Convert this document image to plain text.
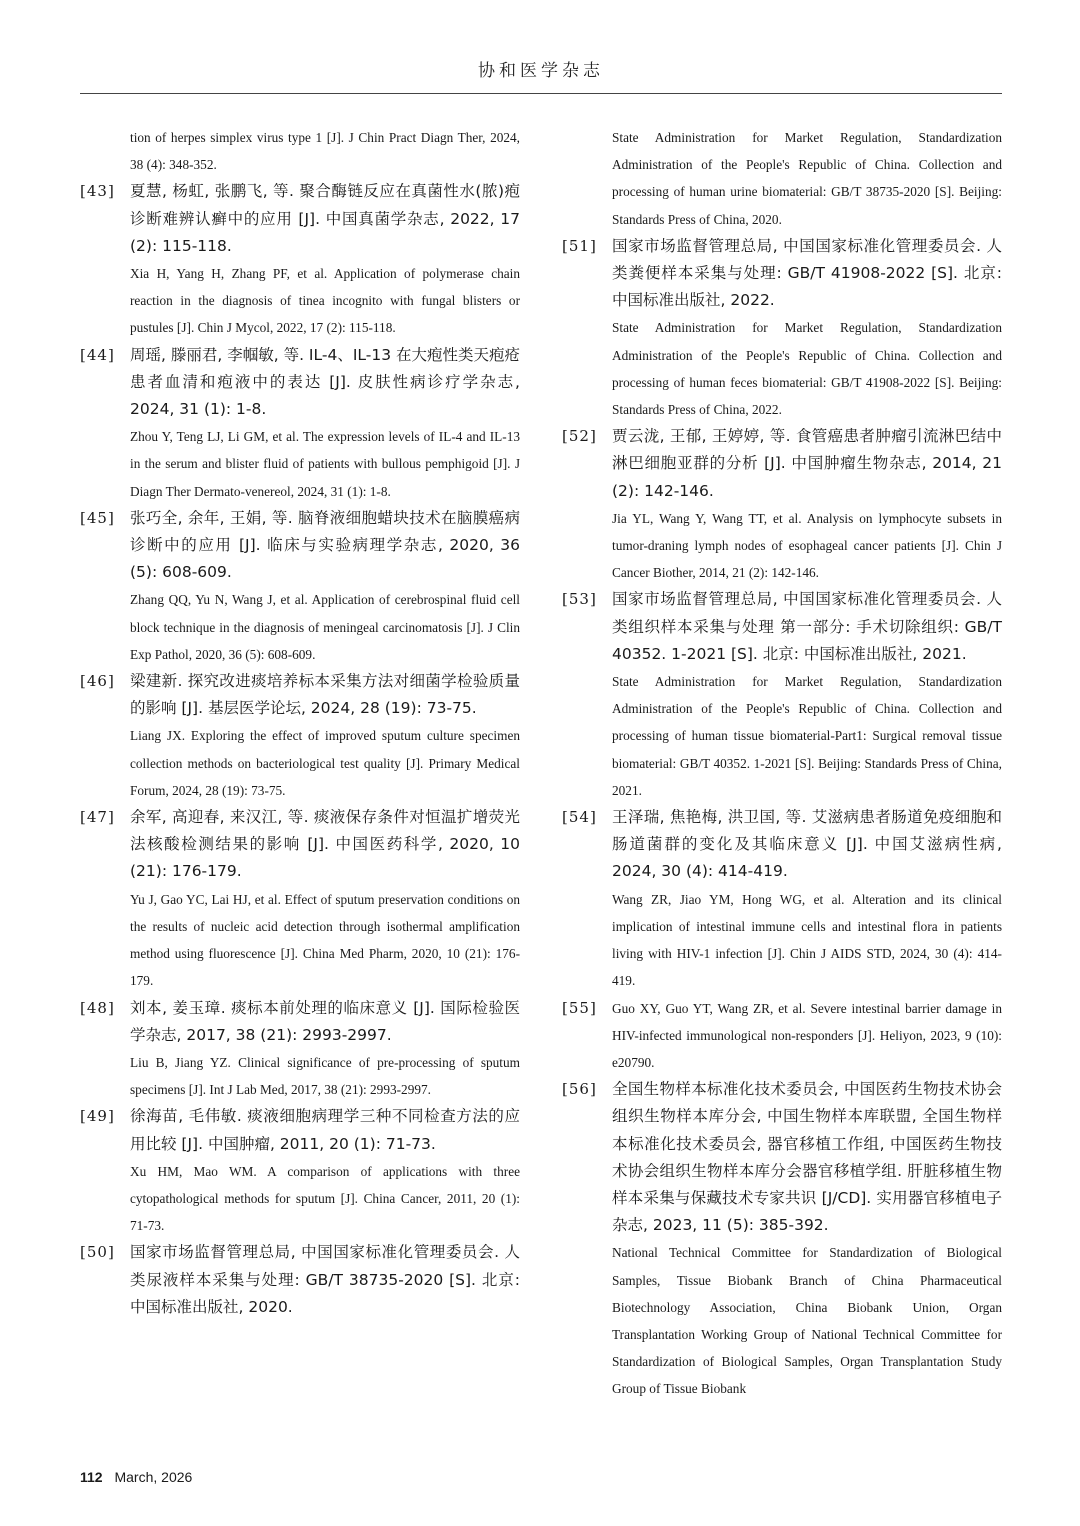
协和医学杂志

tion of herpes simplex virus type 1 [J]. J Chin Pract Diagn Ther, 2024, 38 (4): 348-352.

[43] 夏慧, 杨虹, 张鹏飞, 等. 聚合酶链反应在真菌性水(脓)疱诊断难辨认癣中的应用 [J]. 中国真菌学杂志, 2022, 17 (2): 115-118.

Xia H, Yang H, Zhang PF, et al. Application of polymerase chain reaction in the diagnosis of tinea incognito with fungal blisters or pustules [J]. Chin J Mycol, 2022, 17 (2): 115-118.

[44] 周瑶, 滕丽君, 李帼敏, 等. IL-4、IL-13 在大疱性类天疱疮患者血清和疱液中的表达 [J]. 皮肤性病诊疗学杂志, 2024, 31 (1): 1-8.

Zhou Y, Teng LJ, Li GM, et al. The expression levels of IL-4 and IL-13 in the serum and blister fluid of patients with bullous pemphigoid [J]. J Diagn Ther Dermato-venereol, 2024, 31 (1): 1-8.

[45] 张巧全, 余年, 王娟, 等. 脑脊液细胞蜡块技术在脑膜癌病诊断中的应用 [J]. 临床与实验病理学杂志, 2020, 36 (5): 608-609.

Zhang QQ, Yu N, Wang J, et al. Application of cerebrospinal fluid cell block technique in the diagnosis of meningeal carcinomatosis [J]. J Clin Exp Pathol, 2020, 36 (5): 608-609.

[46] 梁建新. 探究改进痰培养标本采集方法对细菌学检验质量的影响 [J]. 基层医学论坛, 2024, 28 (19): 73-75.

Liang JX. Exploring the effect of improved sputum culture specimen collection methods on bacteriological test quality [J]. Primary Medical Forum, 2024, 28 (19): 73-75.

[47] 余军, 高迎春, 来汉江, 等. 痰液保存条件对恒温扩增荧光法核酸检测结果的影响 [J]. 中国医药科学, 2020, 10 (21): 176-179.

Yu J, Gao YC, Lai HJ, et al. Effect of sputum preservation conditions on the results of nucleic acid detection through isothermal amplification method using fluorescence [J]. China Med Pharm, 2020, 10 (21): 176-179.

[48] 刘本, 姜玉璋. 痰标本前处理的临床意义 [J]. 国际检验医学杂志, 2017, 38 (21): 2993-2997.

Liu B, Jiang YZ. Clinical significance of pre-processing of sputum specimens [J]. Int J Lab Med, 2017, 38 (21): 2993-2997.

[49] 徐海苗, 毛伟敏. 痰液细胞病理学三种不同检查方法的应用比较 [J]. 中国肿瘤, 2011, 20 (1): 71-73.

Xu HM, Mao WM. A comparison of applications with three cytopathological methods for sputum [J]. China Cancer, 2011, 20 (1): 71-73.

[50] 国家市场监督管理总局, 中国国家标准化管理委员会. 人类尿液样本采集与处理: GB/T 38735-2020 [S]. 北京: 中国标准出版社, 2020.

State Administration for Market Regulation, Standardization Administration of the People's Republic of China. Collection and processing of human urine biomaterial: GB/T 38735-2020 [S]. Beijing: Standards Press of China, 2020.

[51] 国家市场监督管理总局, 中国国家标准化管理委员会. 人类粪便样本采集与处理: GB/T 41908-2022 [S]. 北京: 中国标准出版社, 2022.

State Administration for Market Regulation, Standardization Administration of the People's Republic of China. Collection and processing of human feces biomaterial: GB/T 41908-2022 [S]. Beijing: Standards Press of China, 2022.

[52] 贾云泷, 王郁, 王婷婷, 等. 食管癌患者肿瘤引流淋巴结中淋巴细胞亚群的分析 [J]. 中国肿瘤生物杂志, 2014, 21 (2): 142-146.

Jia YL, Wang Y, Wang TT, et al. Analysis on lymphocyte subsets in tumor-draning lymph nodes of esophageal cancer patients [J]. Chin J Cancer Biother, 2014, 21 (2): 142-146.

[53] 国家市场监督管理总局, 中国国家标准化管理委员会. 人类组织样本采集与处理 第一部分: 手术切除组织: GB/T 40352. 1-2021 [S]. 北京: 中国标准出版社, 2021.

State Administration for Market Regulation, Standardization Administration of the People's Republic of China. Collection and processing of human tissue biomaterial-Part1: Surgical removal tissue biomaterial: GB/T 40352. 1-2021 [S]. Beijing: Standards Press of China, 2021.

[54] 王泽瑞, 焦艳梅, 洪卫国, 等. 艾滋病患者肠道免疫细胞和肠道菌群的变化及其临床意义 [J]. 中国艾滋病性病, 2024, 30 (4): 414-419.

Wang ZR, Jiao YM, Hong WG, et al. Alteration and its clinical implication of intestinal immune cells and intestinal flora in patients living with HIV-1 infection [J]. Chin J AIDS STD, 2024, 30 (4): 414-419.

[55]	Guo XY, Guo YT, Wang ZR, et al. Severe intestinal barrier damage in HIV-infected immunological non-responders [J]. Heliyon, 2023, 9 (10): e20790.

[56] 全国生物样本标准化技术委员会, 中国医药生物技术协会组织生物样本库分会, 中国生物样本库联盟, 全国生物样本标准化技术委员会, 器官移植工作组, 中国医药生物技术协会组织生物样本库分会器官移植学组. 肝脏移植生物样本采集与保藏技术专家共识 [J/CD]. 实用器官移植电子杂志, 2023, 11 (5): 385-392.

National Technical Committee for Standardization of Biological Samples, Tissue Biobank Branch of China Pharmaceutical Biotechnology Association, China Biobank Union, Organ Transplantation Working Group of National Technical Committee for Standardization of Biological Samples, Organ Transplantation Study Group of Tissue Biobank

112 March, 2026
